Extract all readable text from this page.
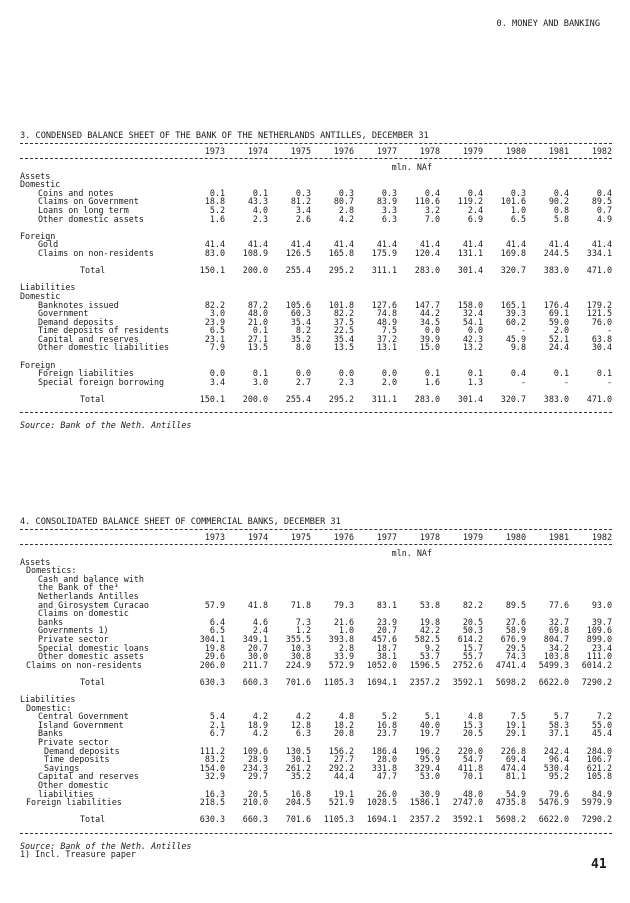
0. MONEY AND BANKING
3. CONDENSED BALANCE SHEET OF THE BANK OF THE NETHERLANDS ANTILLES, DECEMBER 31
1973	1974	1975	1976	1977	1978	1979	1980	1981	1982
mln. NAf
Assets
Domestic
Coins and notes	0.1	0.1	0.3	0.3	0.3	0.4	0.4	0.3	0.4	0.4
Claims on Government	18.8	43.3	81.2	80.7	83.9	110.6	119.2	101.6	90.2	89.5
Loans on long term	5.2	4.0	3.4	2.8	3.3	3.2	2.4	1.0	0.8	0.7
Other domestic assets	1.6	2.3	2.6	4.2	6.3	7.0	6.9	6.5	5.8	4.9
Foreign
Gold	41.4	41.4	41.4	41.4	41.4	41.4	41.4	41.4	41.4	41.4
Claims on non-residents	83.0	108.9	126.5	165.8	175.9	120.4	131.1	169.8	244.5	334.1
Total	150.1	200.0	255.4	295.2	311.1	283.0	301.4	320.7	383.0	471.0
Liabilities
Domestic
Banknotes issued	82.2	87.2	105.6	101.8	127.6	147.7	158.0	165.1	176.4	179.2
Government	3.0	48.0	60.3	82.2	74.8	44.2	32.4	39.3	69.1	121.5
Demand deposits	23.9	21.0	35.4	37.5	48.9	34.5	54.1	60.2	59.0	76.0
Time deposits of residents	6.5	0.1	8.2	22.5	7.5	0.0	0.0	-	2.0	-
Capital and reserves	23.1	27.1	35.2	35.4	37.2	39.9	42.3	45.9	52.1	63.8
Other domestic liabilities	7.9	13.5	8.0	13.5	13.1	15.0	13.2	9.8	24.4	30.4
Foreign
Foreign liabilities	0.0	0.1	0.0	0.0	0.0	0.1	0.1	0.4	0.1	0.1
Special foreign borrowing	3.4	3.0	2.7	2.3	2.0	1.6	1.3	-	-	-
Total	150.1	200.0	255.4	295.2	311.1	283.0	301.4	320.7	383.0	471.0
Source: Bank of the Neth. Antilles
4. CONSOLIDATED BALANCE SHEET OF COMMERCIAL BANKS, DECEMBER 31
1973	1974	1975	1976	1977	1978	1979	1980	1981	1982
mln. NAf
Assets
Domestics:
Cash and balance with
the Bank of the³
Netherlands Antilles
and Girosystem Curacao	57.9	41.8	71.8	79.3	83.1	53.8	82.2	89.5	77.6	93.0
Claims on domestic
banks	6.4	4.6	7.3	21.6	23.9	19.8	20.5	27.6	32.7	39.7
Governments 1)	6.5	2.4	1.2	1.0	20.7	42.2	50.3	58.9	69.8	109.6
Private sector	304.1	349.1	355.5	393.8	457.6	582.5	614.2	676.9	804.7	899.0
Special domestic loans	19.8	20.7	10.3	2.8	18.7	9.2	15.7	29.5	34.2	23.4
Other domestic assets	29.6	30.0	30.8	33.9	38.1	53.7	55.7	74.3	103.8	111.0
Claims on non-residents	206.0	211.7	224.9	572.9	1052.0	1596.5	2752.6	4741.4	5499.3	6014.2
Total	630.3	660.3	701.6	1105.3	1694.1	2357.2	3592.1	5698.2	6622.0	7290.2
Liabilities
Domestic:
Central Government	5.4	4.2	4.2	4.8	5.2	5.1	4.8	7.5	5.7	7.2
Island Government	2.1	18.9	12.8	18.2	16.8	40.0	15.3	19.1	58.3	55.0
Banks	6.7	4.2	6.3	20.8	23.7	19.7	20.5	29.1	37.1	45.4
Private sector
Demand deposits	111.2	109.6	130.5	156.2	186.4	196.2	220.0	226.8	242.4	284.0
Time deposits	83.2	28.9	30.1	27.7	28.0	95.9	54.7	69.4	96.4	106.7
Savings	154.0	234.3	261.2	292.2	331.8	329.4	411.8	474.4	530.4	621.2
Capital and reserves	32.9	29.7	35.2	44.4	47.7	53.0	70.1	81.1	95.2	105.8
Other domestic
liabilities	16.3	20.5	16.8	19.1	26.0	30.9	48.0	54.9	79.6	84.9
Foreign liabilities	218.5	210.0	204.5	521.9	1028.5	1586.1	2747.0	4735.8	5476.9	5979.9
Total	630.3	660.3	701.6	1105.3	1694.1	2357.2	3592.1	5698.2	6622.0	7290.2
Source: Bank of the Neth. Antilles
1) Incl. Treasure paper
41
